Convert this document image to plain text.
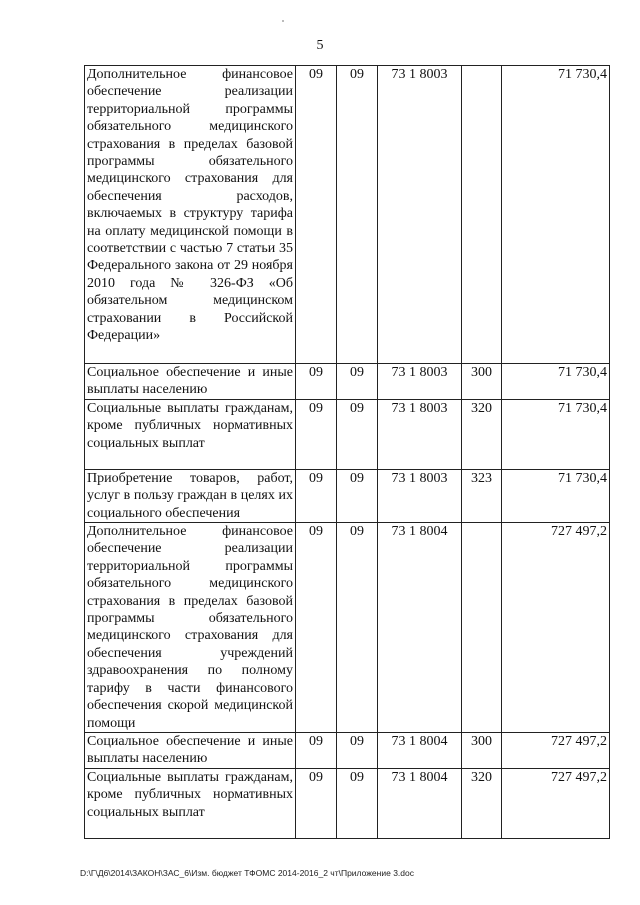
5
Дополнительное финансовое обеспечение реализации территориальной программы обязательного медицинского страхования в пределах базовой программы обязательного медицинского страхования для обеспечения расходов, включаемых в структуру тарифа на оплату медицинской помощи в соответствии с частью 7 статьи 35 Федерального закона от 29 ноября 2010 года № 326-ФЗ «Об обязательном медицинском страховании в Российской Федерации»	09	09	73 1 8003		71 730,4
Социальное обеспечение и иные выплаты населению	09	09	73 1 8003	300	71 730,4
Социальные выплаты гражданам, кроме публичных нормативных социальных выплат	09	09	73 1 8003	320	71 730,4
Приобретение товаров, работ, услуг в пользу граждан в целях их социального обеспечения	09	09	73 1 8003	323	71 730,4
Дополнительное финансовое обеспечение реализации территориальной программы обязательного медицинского страхования в пределах базовой программы обязательного медицинского страхования для обеспечения учреждений здравоохранения по полному тарифу в части финансового обеспечения скорой медицинской помощи	09	09	73 1 8004		727 497,2
Социальное обеспечение и иные выплаты населению	09	09	73 1 8004	300	727 497,2
Социальные выплаты гражданам, кроме публичных нормативных социальных выплат	09	09	73 1 8004	320	727 497,2
D:\Г\Д6\2014\ЗАКОН\ЗАС_6\Изм. бюджет ТФОМС 2014-2016_2 чт\Приложение 3.doc
